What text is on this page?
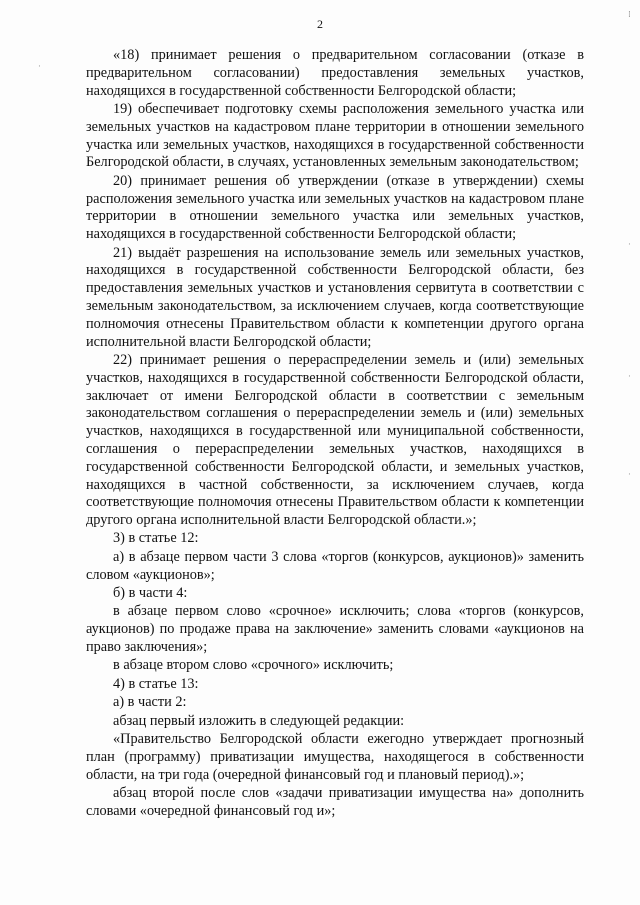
2

«18) принимает решения о предварительном согласовании (отказе в предварительном согласовании) предоставления земельных участков, находящихся в государственной собственности Белгородской области;

19) обеспечивает подготовку схемы расположения земельного участка или земельных участков на кадастровом плане территории в отношении земельного участка или земельных участков, находящихся в государственной собственности Белгородской области, в случаях, установленных земельным законодательством;

20) принимает решения об утверждении (отказе в утверждении) схемы расположения земельного участка или земельных участков на кадастровом плане территории в отношении земельного участка или земельных участков, находящихся в государственной собственности Белгородской области;

21) выдаёт разрешения на использование земель или земельных участков, находящихся в государственной собственности Белгородской области, без предоставления земельных участков и установления сервитута в соответствии с земельным законодательством, за исключением случаев, когда соответствующие полномочия отнесены Правительством области к компетенции другого органа исполнительной власти Белгородской области;

22) принимает решения о перераспределении земель и (или) земельных участков, находящихся в государственной собственности Белгородской области, заключает от имени Белгородской области в соответствии с земельным законодательством соглашения о перераспределении земель и (или) земельных участков, находящихся в государственной или муниципальной собственности, соглашения о перераспределении земельных участков, находящихся в государственной собственности Белгородской области, и земельных участков, находящихся в частной собственности, за исключением случаев, когда соответствующие полномочия отнесены Правительством области к компетенции другого органа исполнительной власти Белгородской области.»;

3) в статье 12:

а) в абзаце первом части 3 слова «торгов (конкурсов, аукционов)» заменить словом «аукционов»;

б) в части 4:

в абзаце первом слово «срочное» исключить; слова «торгов (конкурсов, аукционов) по продаже права на заключение» заменить словами «аукционов на право заключения»;

в абзаце втором слово «срочного» исключить;

4) в статье 13:

а) в части 2:

абзац первый изложить в следующей редакции:

«Правительство Белгородской области ежегодно утверждает прогнозный план (программу) приватизации имущества, находящегося в собственности области, на три года (очередной финансовый год и плановый период).»;

абзац второй после слов «задачи приватизации имущества на» дополнить словами «очередной финансовый год и»;

⁞
·
·
·
·
